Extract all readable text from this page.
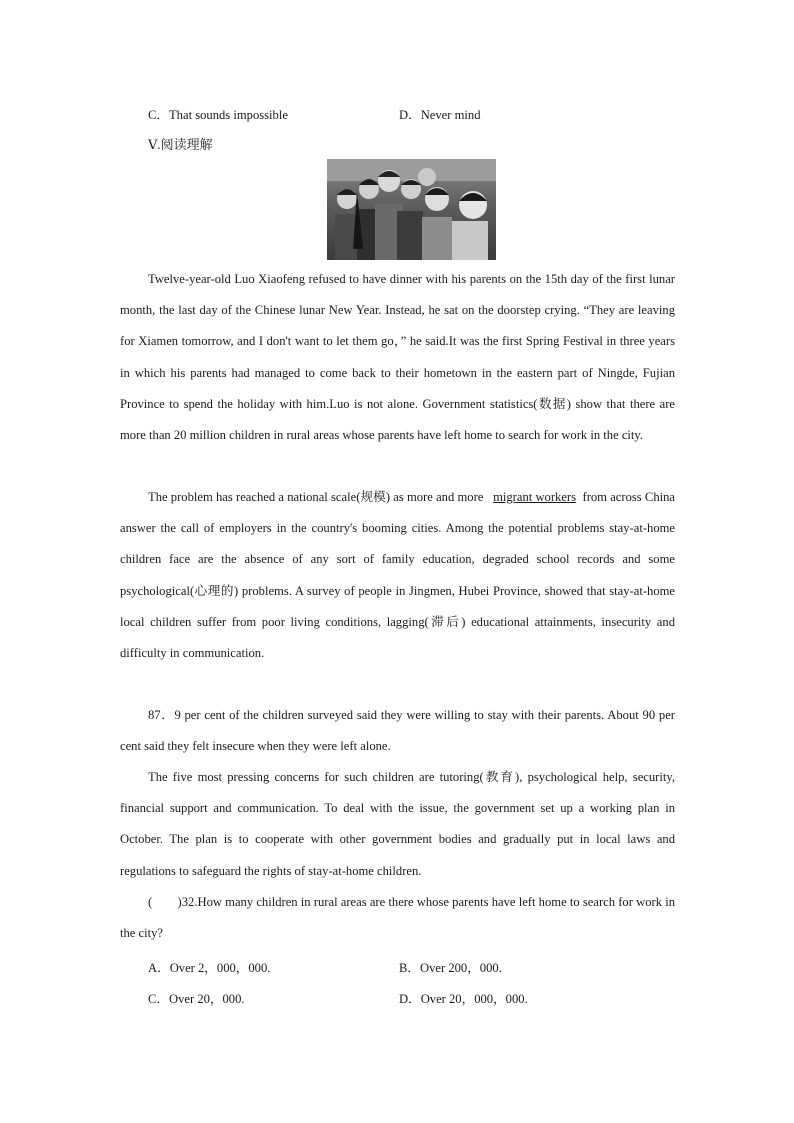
C．That sounds impossible	D．Never mind
Ⅴ.阅读理解

Twelve-year-old Luo Xiaofeng refused to have dinner with his parents on the 15th day of the first lunar month, the last day of the Chinese lunar New Year. Instead, he sat on the doorstep crying. “They are leaving for Xiamen tomorrow, and I don't want to let them go，” he said.It was the first Spring Festival in three years in which his parents had managed to come back to their hometown in the eastern part of Ningde, Fujian Province to spend the holiday with him.Luo is not alone. Government statistics(数据) show that there are more than 20 million children in rural areas whose parents have left home to search for work in the city.

The problem has reached a national scale(规模) as more and more migrant workers from across China answer the call of employers in the country's booming cities. Among the potential problems stay-at-home children face are the absence of any sort of family education, degraded school records and some psychological(心理的) problems. A survey of people in Jingmen, Hubei Province, showed that stay-at-home local children suffer from poor living conditions, lagging(滞后) educational attainments, insecurity and difficulty in communication.

87．9 per cent of the children surveyed said they were willing to stay with their parents. About 90 per cent said they felt insecure when they were left alone.

The five most pressing concerns for such children are tutoring(教育), psychological help, security, financial support and communication. To deal with the issue, the government set up a working plan in October. The plan is to cooperate with other government bodies and gradually put in local laws and regulations to safeguard the rights of stay-at-home children.

(　　)32.How many children in rural areas are there whose parents have left home to search for work in the city?

A．Over 2，000，000.	B．Over 200，000.
C．Over 20，000.	D．Over 20，000，000.
